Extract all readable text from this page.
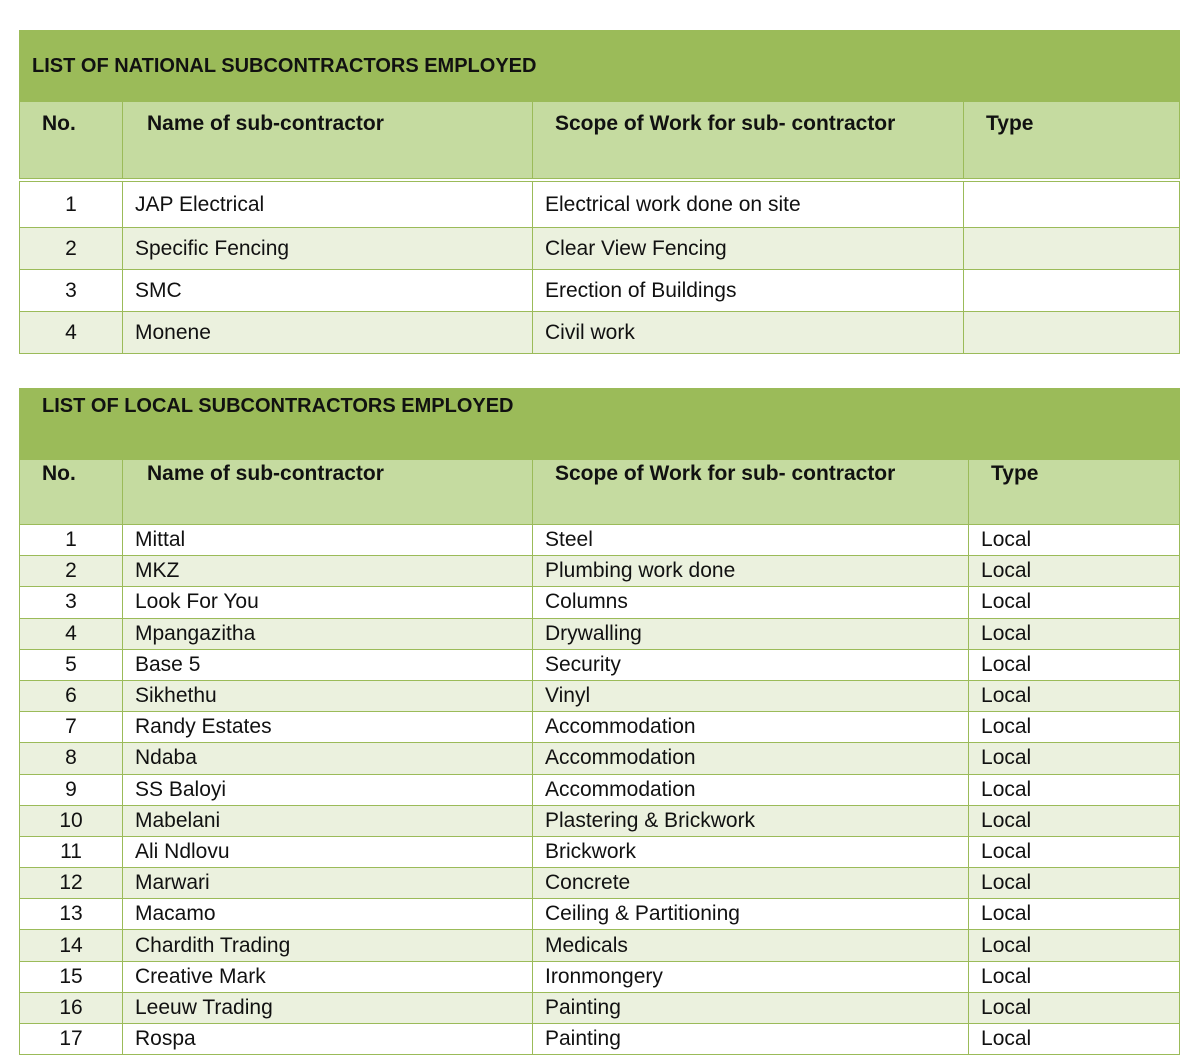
LIST OF NATIONAL SUBCONTRACTORS EMPLOYED			
No.	Name of sub-contractor	Scope of Work for sub- contractor	Type

1	JAP Electrical	Electrical work done on site	
2	Specific Fencing	Clear View Fencing	
3	SMC	Erection of Buildings	
4	Monene	Civil work	
LIST OF LOCAL SUBCONTRACTORS EMPLOYED			
No.	Name of sub-contractor	Scope of Work for sub- contractor	Type
1	Mittal	Steel	Local
2	MKZ	Plumbing work done	Local
3	Look For You	Columns	Local
4	Mpangazitha	Drywalling	Local
5	Base 5	Security	Local
6	Sikhethu	Vinyl	Local
7	Randy Estates	Accommodation	Local
8	Ndaba	Accommodation	Local
9	SS Baloyi	Accommodation	Local
10	Mabelani	Plastering & Brickwork	Local
11	Ali Ndlovu	Brickwork	Local
12	Marwari	Concrete	Local
13	Macamo	Ceiling & Partitioning	Local
14	Chardith Trading	Medicals	Local
15	Creative Mark	Ironmongery	Local
16	Leeuw Trading	Painting	Local
17	Rospa	Painting	Local
